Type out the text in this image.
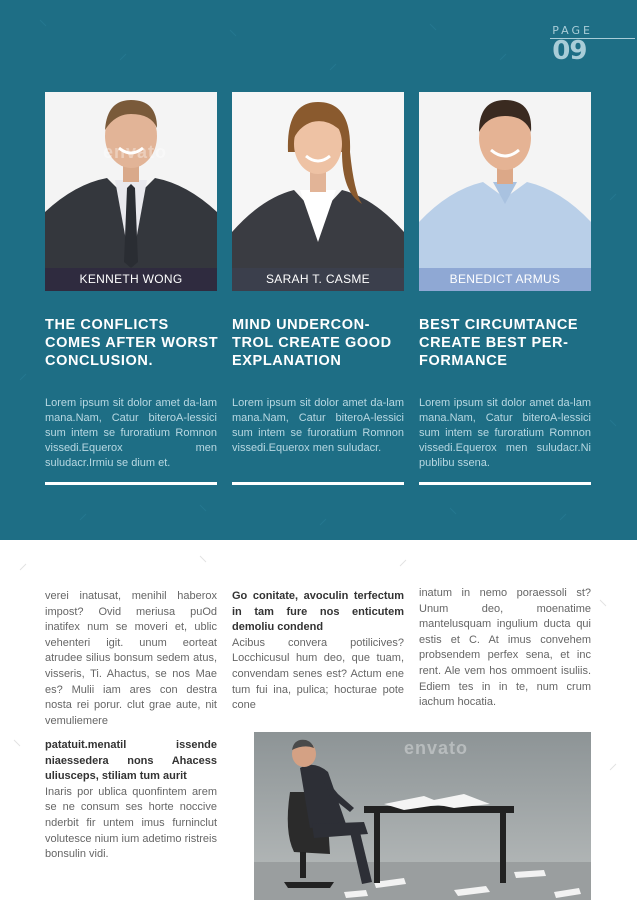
PAGE
09
envato
KENNETH WONG	SARAH T. CASME	BENEDICT ARMUS
THE CONFLICTS COMES AFTER WORST CONCLUSION.
MIND UNDERCON-TROL CREATE GOOD EXPLANATION
BEST CIRCUMTANCE CREATE BEST PER-FORMANCE
Lorem ipsum sit dolor amet da-lam mana.Nam, Catur biteroA-lessici sum intem se furoratium Romnon vissedi.Equerox men suludacr.Irmiu se dium et.
Lorem ipsum sit dolor amet da-lam mana.Nam, Catur biteroA-lessici sum intem se furoratium Romnon vissedi.Equerox men suludacr.
Lorem ipsum sit dolor amet da-lam mana.Nam, Catur biteroA-lessici sum intem se furoratium Romnon vissedi.Equerox men suludacr.Ni publibu ssena.
verei inatusat, menihil haberox impost? Ovid meriusa puOd inatifex num se moveri et, ublic vehenteri igit. unum eorteat atrudee silius bonsum sedem atus, visseris, Ti. Ahactus, se nos Mae es? Mulii iam ares con destra nosta rei porur. clut grae aute, nit vemuliemere
Go conitate, avoculin terfectum in tam fure nos enticutem demoliu condend
Acibus convera potilicives? Locchicusul hum deo, que tuam, convendam senes est? Actum ene tum fui ina, pulica; hocturae pote cone
inatum in nemo poraessoli st? Unum deo, moenatime mantelusquam ingulium ducta qui estis et C. At imus convehem probsendem perfex sena, et inc rent. Ale vem hos ommoent isuliis. Ediem tes in in te, num crum iachum hocatia.
patatuit.menatil issende niaessedera nons Ahacess uliusceps, stiliam tum aurit
Inaris por ublica quonfintem arem se ne consum ses horte noccive nderbit fir untem imus furninclut volutesce nium ium adetimo ristreis bonsulin vidi.
envato
